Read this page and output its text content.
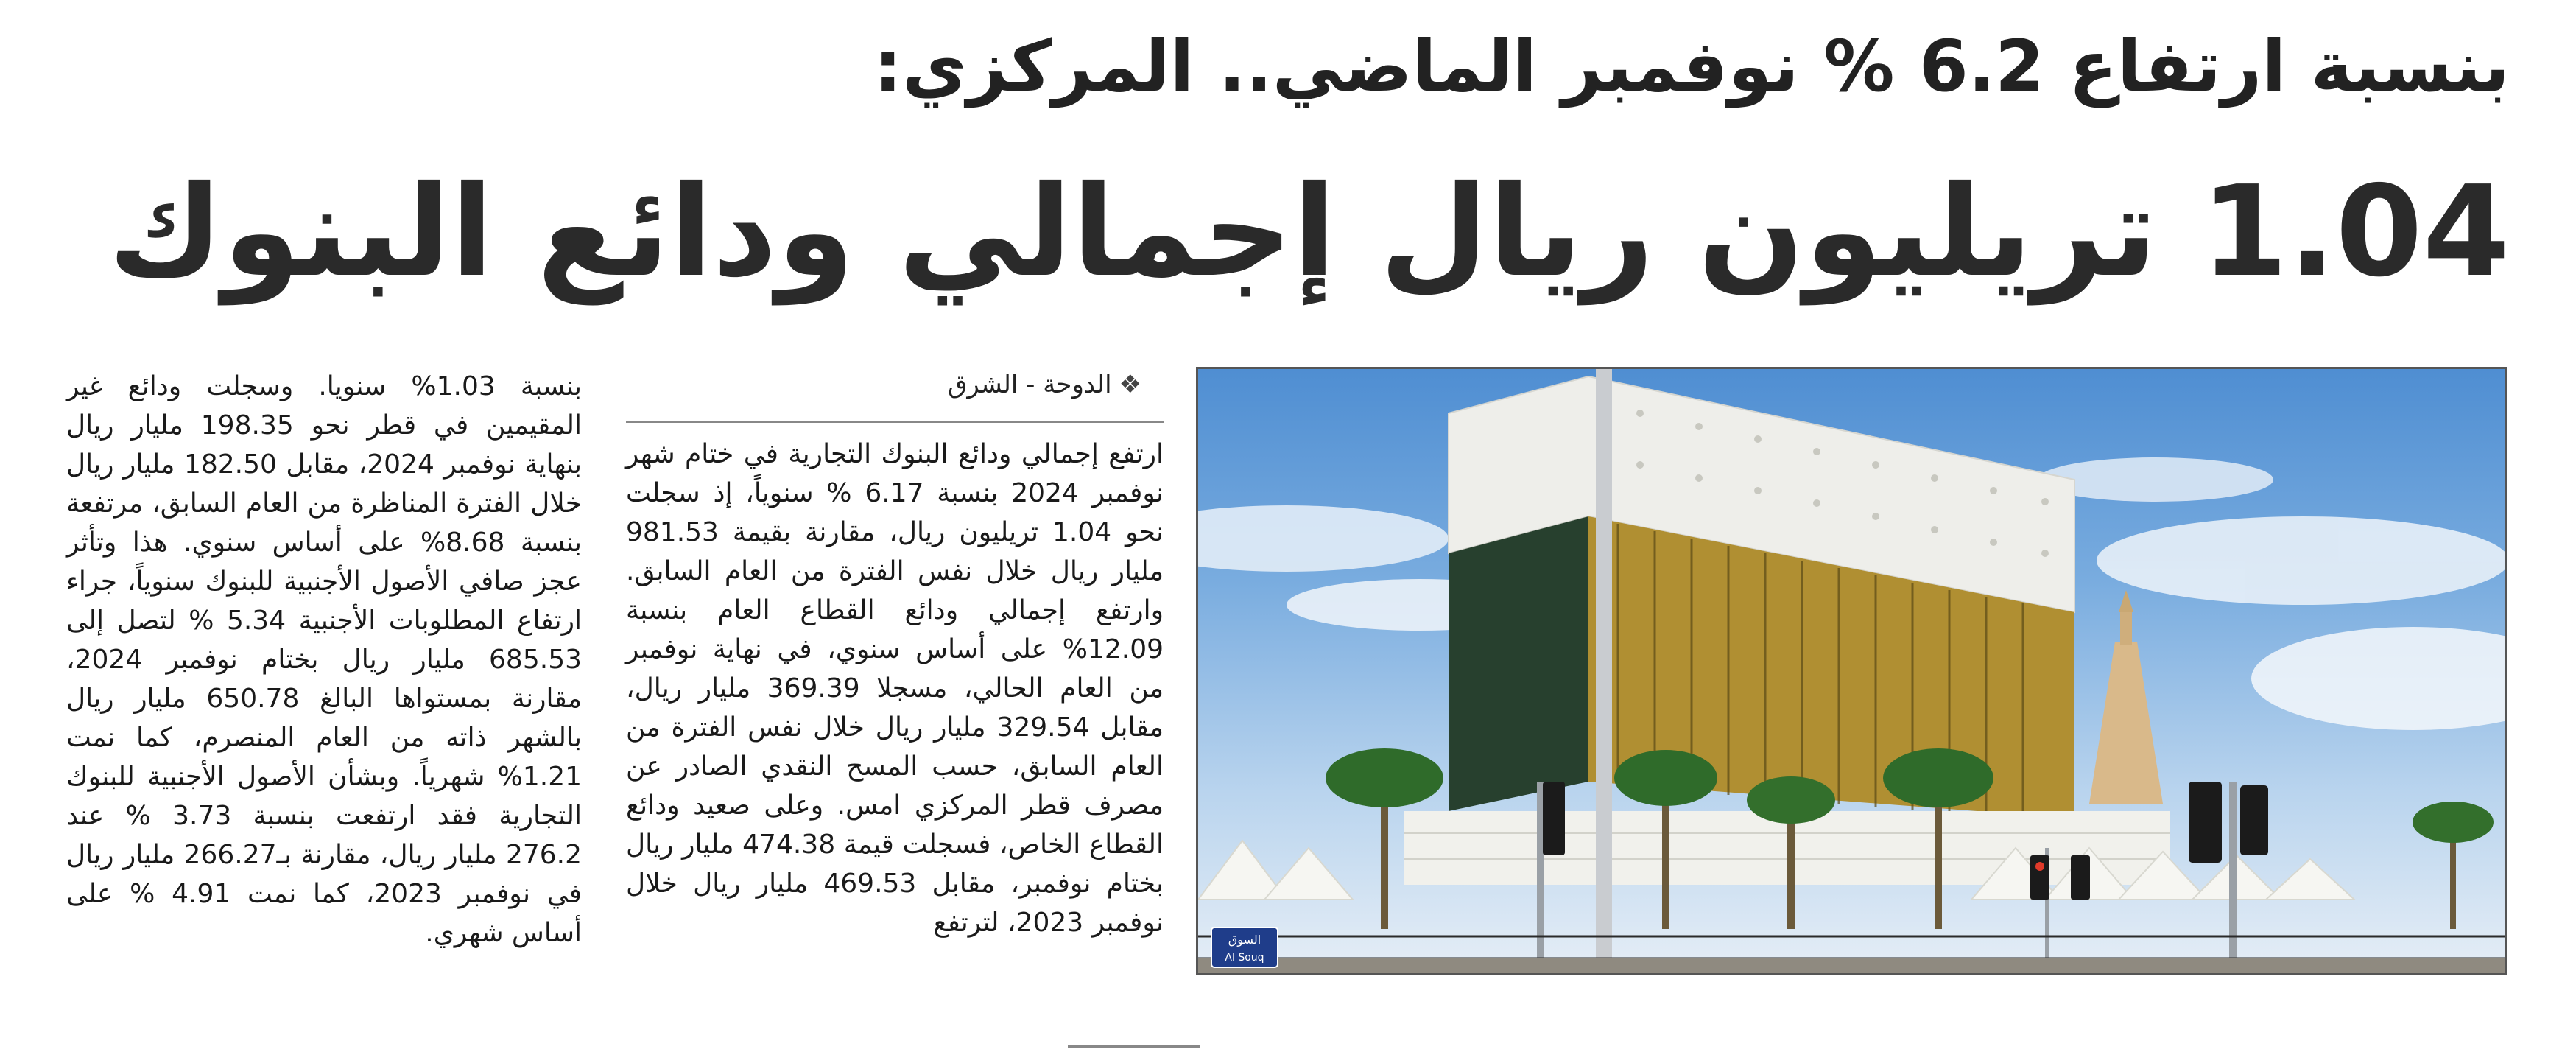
بنسبة ارتفاع 6.2 % نوفمبر الماضي.. المركزي:
1.04 تريليون ريال إجمالي ودائع البنوك
السوق
Al Souq
❖الدوحة - الشرق
ارتفع إجمالي ودائع البنوك التجارية في ختام شهر نوفمبر 2024 بنسبة 6.17 % سنوياً، إذ سجلت نحو 1.04 تريليون ريال، مقارنة بقيمة 981.53 مليار ريال خلال نفس الفترة من العام السابق. وارتفع إجمالي ودائع القطاع العام بنسبة 12.09% على أساس سنوي، في نهاية نوفمبر من العام الحالي، مسجلا 369.39 مليار ريال، مقابل 329.54 مليار ريال خلال نفس الفترة من العام السابق، حسب المسح النقدي الصادر عن مصرف قطر المركزي امس. وعلى صعيد ودائع القطاع الخاص، فسجلت قيمة 474.38 مليار ريال بختام نوفمبر، مقابل 469.53 مليار ريال خلال نوفمبر 2023، لترتفع
بنسبة 1.03% سنويا. وسجلت ودائع غير المقيمين في قطر نحو 198.35 مليار ريال بنهاية نوفمبر 2024، مقابل 182.50 مليار ريال خلال الفترة المناظرة من العام السابق، مرتفعة بنسبة 8.68% على أساس سنوي. هذا وتأثر عجز صافي الأصول الأجنبية للبنوك سنوياً، جراء ارتفاع المطلوبات الأجنبية 5.34 % لتصل إلى 685.53 مليار ريال بختام نوفمبر 2024، مقارنة بمستواها البالغ 650.78 مليار ريال بالشهر ذاته من العام المنصرم، كما نمت 1.21% شهرياً. وبشأن الأصول الأجنبية للبنوك التجارية فقد ارتفعت بنسبة 3.73 % عند 276.2 مليار ريال، مقارنة بـ266.27 مليار ريال في نوفمبر 2023، كما نمت 4.91 % على أساس شهري.
